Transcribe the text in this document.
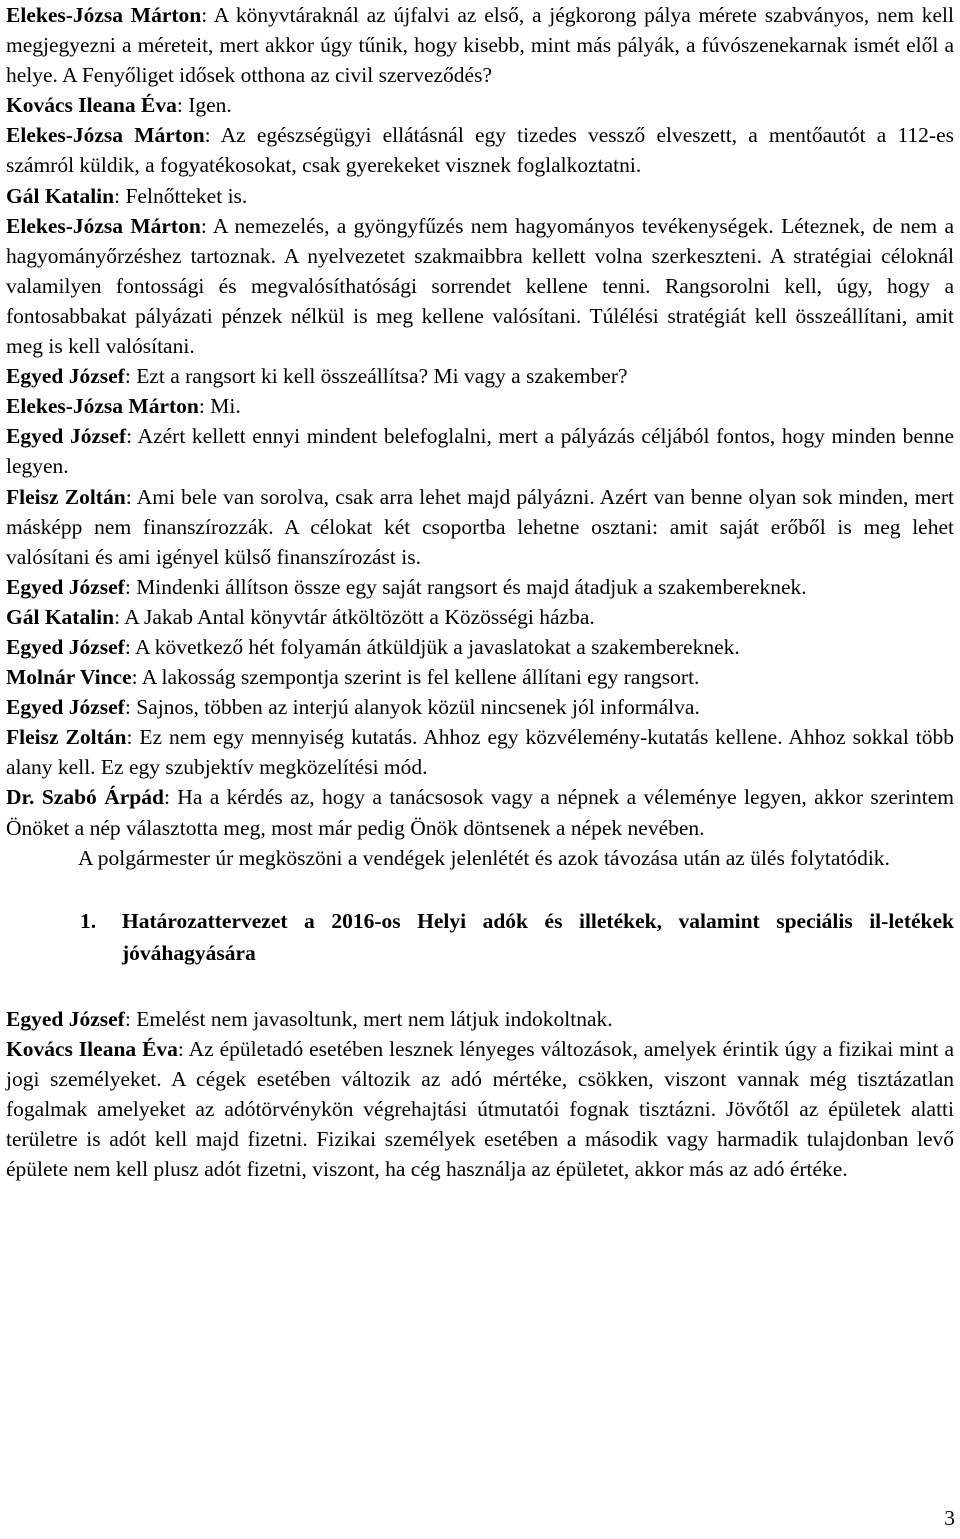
Elekes-Józsa Márton: A könyvtáraknál az újfalvi az első, a jégkorong pálya mérete szabványos, nem kell megjegyezni a méreteit, mert akkor úgy tűnik, hogy kisebb, mint más pályák, a fúvószenekarnak ismét elől a helye. A Fenyőliget idősek otthona az civil szerveződés?

Kovács Ileana Éva: Igen.

Elekes-Józsa Márton: Az egészségügyi ellátásnál egy tizedes vessző elveszett, a mentőautót a 112-es számról küldik, a fogyatékosokat, csak gyerekeket visznek foglalkoztatni.

Gál Katalin: Felnőtteket is.

Elekes-Józsa Márton: A nemezelés, a gyöngyfűzés nem hagyományos tevékenységek. Léteznek, de nem a hagyományőrzéshez tartoznak. A nyelvezetet szakmaibbra kellett volna szerkeszteni. A stratégiai céloknál valamilyen fontossági és megvalósíthatósági sorrendet kellene tenni. Rangsorolni kell, úgy, hogy a fontosabbakat pályázati pénzek nélkül is meg kellene valósítani. Túlélési stratégiát kell összeállítani, amit meg is kell valósítani.

Egyed József: Ezt a rangsort ki kell összeállítsa? Mi vagy a szakember?

Elekes-Józsa Márton: Mi.

Egyed József: Azért kellett ennyi mindent belefoglalni, mert a pályázás céljából fontos, hogy minden benne legyen.

Fleisz Zoltán: Ami bele van sorolva, csak arra lehet majd pályázni. Azért van benne olyan sok minden, mert másképp nem finanszírozzák. A célokat két csoportba lehetne osztani: amit saját erőből is meg lehet valósítani és ami igényel külső finanszírozást is.

Egyed József: Mindenki állítson össze egy saját rangsort és majd átadjuk a szakembereknek.

Gál Katalin: A Jakab Antal könyvtár átköltözött a Közösségi házba.

Egyed József: A következő hét folyamán átküldjük a javaslatokat a szakembereknek.

Molnár Vince: A lakosság szempontja szerint is fel kellene állítani egy rangsort.

Egyed József: Sajnos, többen az interjú alanyok közül nincsenek jól informálva.

Fleisz Zoltán: Ez nem egy mennyiség kutatás. Ahhoz egy közvélemény-kutatás kellene. Ahhoz sokkal több alany kell. Ez egy szubjektív megközelítési mód.

Dr. Szabó Árpád: Ha a kérdés az, hogy a tanácsosok vagy a népnek a véleménye legyen, akkor szerintem Önöket a nép választotta meg, most már pedig Önök döntsenek a népek nevében.

A polgármester úr megköszöni a vendégek jelenlétét és azok távozása után az ülés folytatódik.

1.	Határozattervezet a 2016-os Helyi adók és illetékek, valamint speciális il-letékek jóváhagyására

Egyed József: Emelést nem javasoltunk, mert nem látjuk indokoltnak.

Kovács Ileana Éva: Az épületadó esetében lesznek lényeges változások, amelyek érintik úgy a fizikai mint a jogi személyeket. A cégek esetében változik az adó mértéke, csökken, viszont vannak még tisztázatlan fogalmak amelyeket az adótörvénykön végrehajtási útmutatói fognak tisztázni. Jövőtől az épületek alatti területre is adót kell majd fizetni. Fizikai személyek esetében a második vagy harmadik tulajdonban levő épülete nem kell plusz adót fizetni, viszont, ha cég használja az épületet, akkor más az adó értéke.

3
